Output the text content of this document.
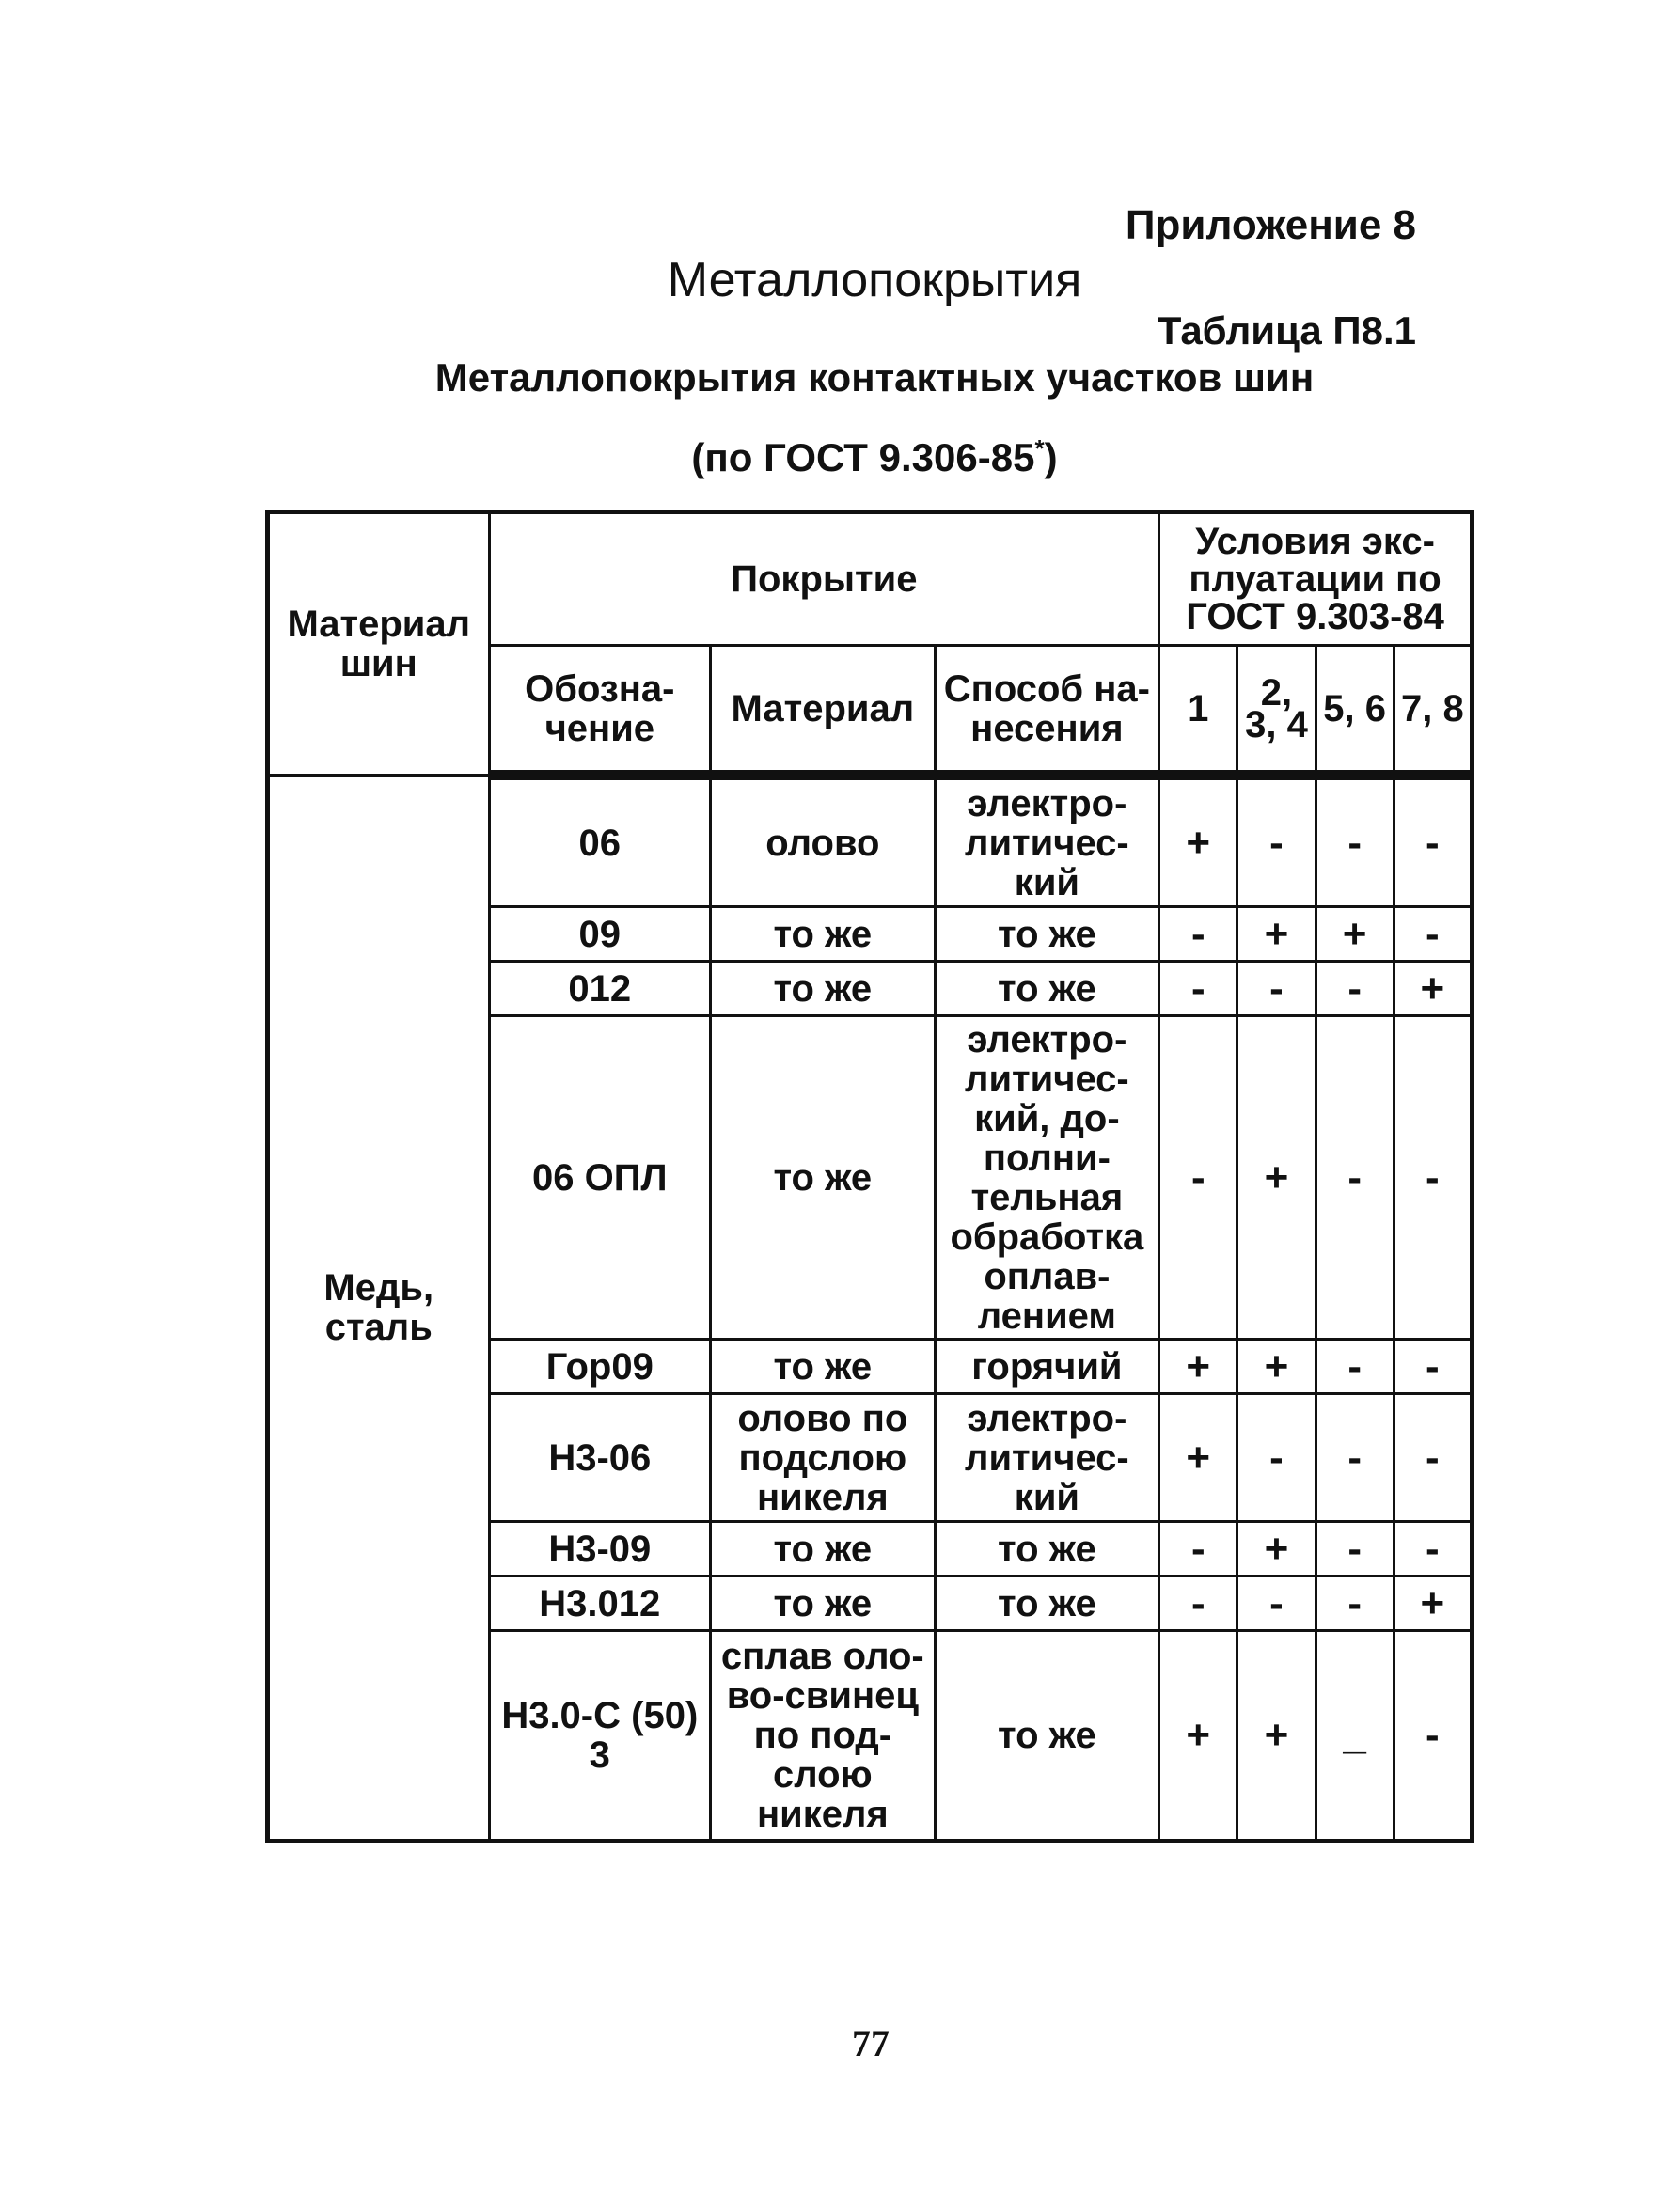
Приложение 8
Металлопокрытия
Таблица П8.1
Металлопокрытия контактных участков шин
(по ГОСТ 9.306-85*)
Материал шин	Покрытие			Условия экс-плуатации по ГОСТ 9.303-84			
	Обозна-чение	Материал	Способ на-несения	1	2, 3, 4	5, 6	7, 8
Медь, сталь	06	олово	электро-литичес-кий	+	-	-	-
	09	то же	то же	-	+	+	-
	012	то же	то же	-	-	-	+
	06 ОПЛ	то же	электро-литичес-кий, до-полни-тельная обработка оплав-лением	-	+	-	-
	Гор09	то же	горячий	+	+	-	-
	Н3-06	олово по подслою никеля	электро-литичес-кий	+	-	-	-
	Н3-09	то же	то же	-	+	-	-
	Н3.012	то же	то же	-	-	-	+
	Н3.0-С (50) 3	сплав оло-во-свинец по под-слою никеля	то же	+	+	_	-
77
